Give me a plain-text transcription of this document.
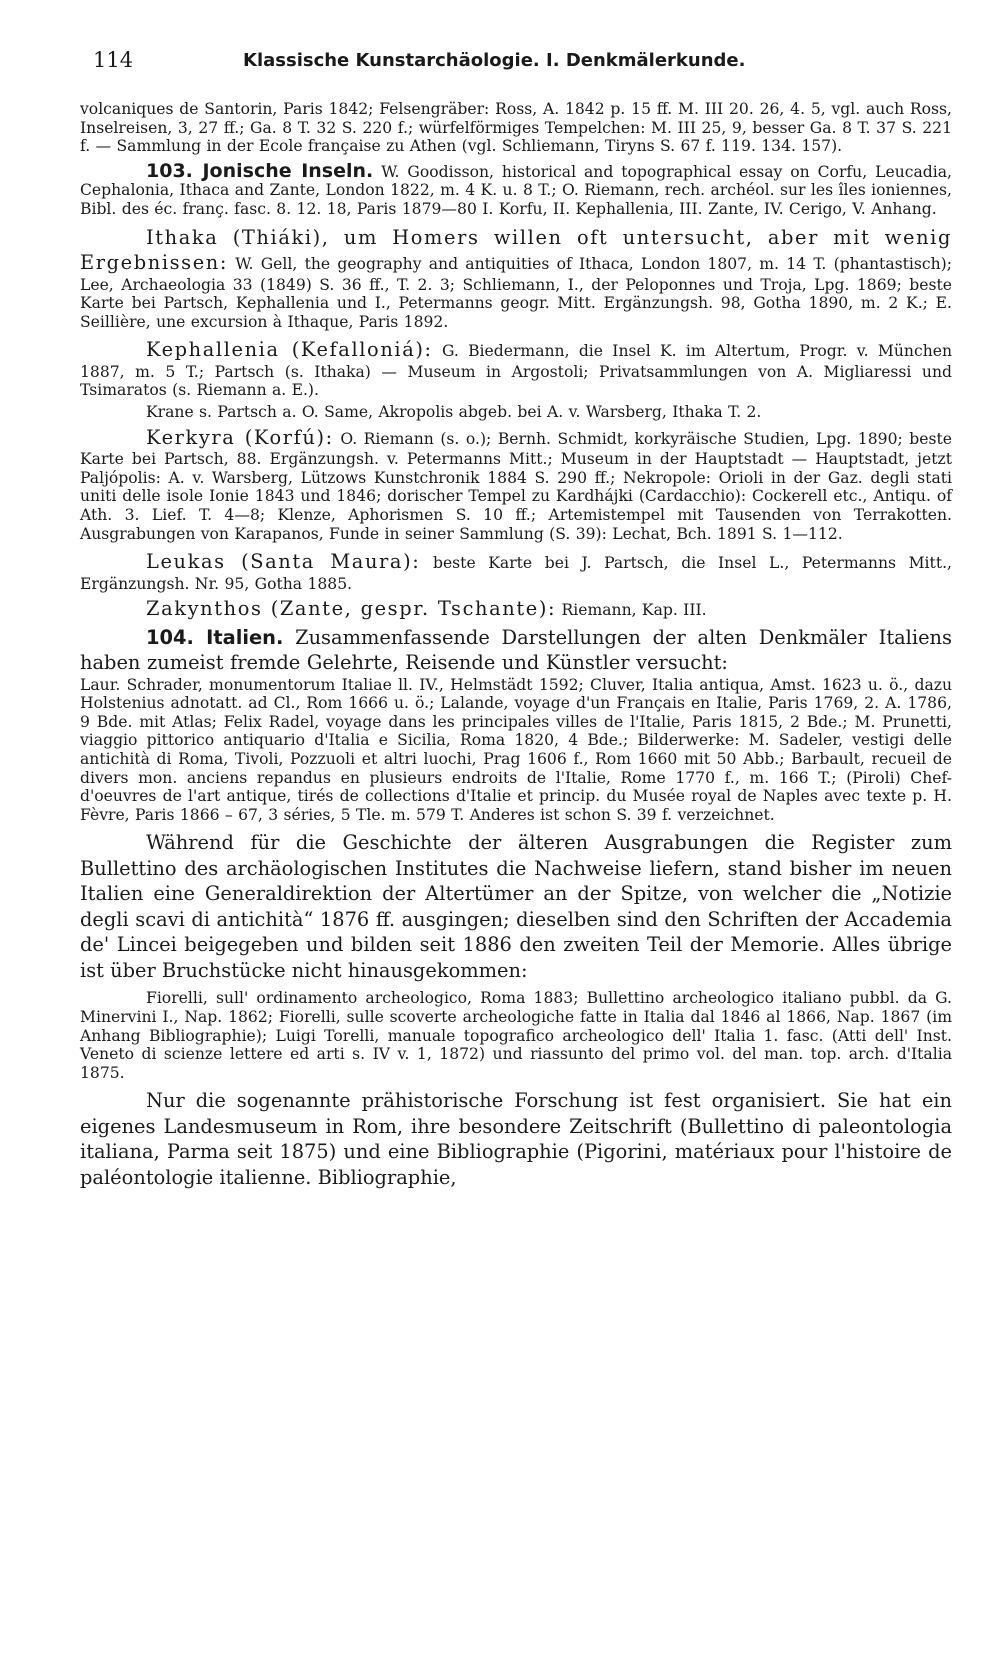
114	Klassische Kunstarchäologie. I. Denkmälerkunde.

volcaniques de Santorin, Paris 1842; Felsengräber: Ross, A. 1842 p. 15 ff. M. III 20. 26, 4. 5, vgl. auch Ross, Inselreisen, 3, 27 ff.; Ga. 8 T. 32 S. 220 f.; würfelförmiges Tempelchen: M. III 25, 9, besser Ga. 8 T. 37 S. 221 f. — Sammlung in der Ecole française zu Athen (vgl. Schliemann, Tiryns S. 67 f. 119. 134. 157).

103. Jonische Inseln. W. Goodisson, historical and topographical essay on Corfu, Leucadia, Cephalonia, Ithaca and Zante, London 1822, m. 4 K. u. 8 T.; O. Riemann, rech. archéol. sur les îles ioniennes, Bibl. des éc. franç. fasc. 8. 12. 18, Paris 1879—80 I. Korfu, II. Kephallenia, III. Zante, IV. Cerigo, V. Anhang.

Ithaka (Thiáki), um Homers willen oft untersucht, aber mit wenig Ergebnissen: W. Gell, the geography and antiquities of Ithaca, London 1807, m. 14 T. (phantastisch); Lee, Archaeologia 33 (1849) S. 36 ff., T. 2. 3; Schliemann, I., der Peloponnes und Troja, Lpg. 1869; beste Karte bei Partsch, Kephallenia und I., Petermanns geogr. Mitt. Ergänzungsh. 98, Gotha 1890, m. 2 K.; E. Seillière, une excursion à Ithaque, Paris 1892.

Kephallenia (Kefalloniá): G. Biedermann, die Insel K. im Altertum, Progr. v. München 1887, m. 5 T.; Partsch (s. Ithaka) — Museum in Argostoli; Privatsammlungen von A. Migliaressi und Tsimaratos (s. Riemann a. E.).

Krane s. Partsch a. O. Same, Akropolis abgeb. bei A. v. Warsberg, Ithaka T. 2.

Kerkyra (Korfú): O. Riemann (s. o.); Bernh. Schmidt, korkyräische Studien, Lpg. 1890; beste Karte bei Partsch, 88. Ergänzungsh. v. Petermanns Mitt.; Museum in der Hauptstadt — Hauptstadt, jetzt Paljópolis: A. v. Warsberg, Lützows Kunstchronik 1884 S. 290 ff.; Nekropole: Orioli in der Gaz. degli stati uniti delle isole Ionie 1843 und 1846; dorischer Tempel zu Kardhájki (Cardacchio): Cockerell etc., Antiqu. of Ath. 3. Lief. T. 4—8; Klenze, Aphorismen S. 10 ff.; Artemistempel mit Tausenden von Terrakotten. Ausgrabungen von Karapanos, Funde in seiner Sammlung (S. 39): Lechat, Bch. 1891 S. 1—112.

Leukas (Santa Maura): beste Karte bei J. Partsch, die Insel L., Petermanns Mitt., Ergänzungsh. Nr. 95, Gotha 1885.

Zakynthos (Zante, gespr. Tschante): Riemann, Kap. III.

104. Italien. Zusammenfassende Darstellungen der alten Denkmäler Italiens haben zumeist fremde Gelehrte, Reisende und Künstler versucht:
Laur. Schrader, monumentorum Italiae ll. IV., Helmstädt 1592; Cluver, Italia antiqua, Amst. 1623 u. ö., dazu Holstenius adnotatt. ad Cl., Rom 1666 u. ö.; Lalande, voyage d'un Français en Italie, Paris 1769, 2. A. 1786, 9 Bde. mit Atlas; Felix Radel, voyage dans les principales villes de l'Italie, Paris 1815, 2 Bde.; M. Prunetti, viaggio pittorico antiquario d'Italia e Sicilia, Roma 1820, 4 Bde.; Bilderwerke: M. Sadeler, vestigi delle antichità di Roma, Tivoli, Pozzuoli et altri luochi, Prag 1606 f., Rom 1660 mit 50 Abb.; Barbault, recueil de divers mon. anciens repandus en plusieurs endroits de l'Italie, Rome 1770 f., m. 166 T.; (Piroli) Chef-d'oeuvres de l'art antique, tirés de collections d'Italie et princip. du Musée royal de Naples avec texte p. H. Fèvre, Paris 1866 – 67, 3 séries, 5 Tle. m. 579 T. Anderes ist schon S. 39 f. verzeichnet.

Während für die Geschichte der älteren Ausgrabungen die Register zum Bullettino des archäologischen Institutes die Nachweise liefern, stand bisher im neuen Italien eine Generaldirektion der Altertümer an der Spitze, von welcher die „Notizie degli scavi di antichità“ 1876 ff. ausgingen; dieselben sind den Schriften der Accademia de' Lincei beigegeben und bilden seit 1886 den zweiten Teil der Memorie. Alles übrige ist über Bruchstücke nicht hinausgekommen:

Fiorelli, sull' ordinamento archeologico, Roma 1883; Bullettino archeologico italiano pubbl. da G. Minervini I., Nap. 1862; Fiorelli, sulle scoverte archeologiche fatte in Italia dal 1846 al 1866, Nap. 1867 (im Anhang Bibliographie); Luigi Torelli, manuale topografico archeologico dell' Italia 1. fasc. (Atti dell' Inst. Veneto di scienze lettere ed arti s. IV v. 1, 1872) und riassunto del primo vol. del man. top. arch. d'Italia 1875.

Nur die sogenannte prähistorische Forschung ist fest organisiert. Sie hat ein eigenes Landesmuseum in Rom, ihre besondere Zeitschrift (Bullettino di paleontologia italiana, Parma seit 1875) und eine Bibliographie (Pigorini, matériaux pour l'histoire de paléontologie italienne. Bibliographie,
